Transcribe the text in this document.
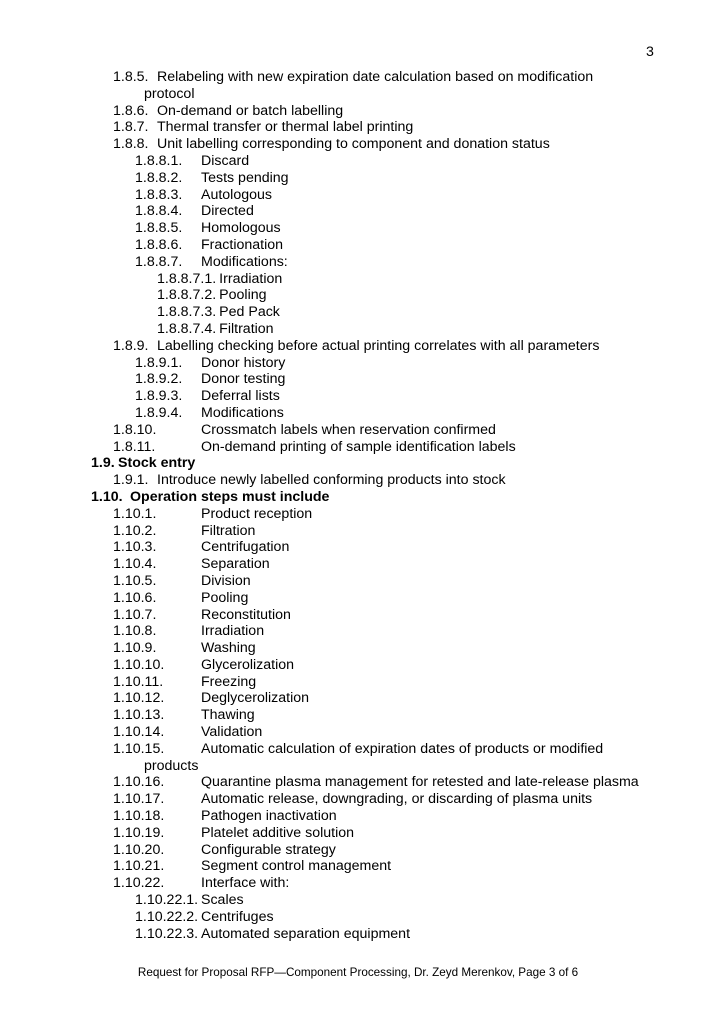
3
1.8.5. Relabeling with new expiration date calculation based on modification
protocol
1.8.6. On-demand or batch labelling
1.8.7. Thermal transfer or thermal label printing
1.8.8. Unit labelling corresponding to component and donation status
1.8.8.1. Discard
1.8.8.2. Tests pending
1.8.8.3. Autologous
1.8.8.4. Directed
1.8.8.5. Homologous
1.8.8.6. Fractionation
1.8.8.7. Modifications:
1.8.8.7.1. Irradiation
1.8.8.7.2. Pooling
1.8.8.7.3. Ped Pack
1.8.8.7.4. Filtration
1.8.9. Labelling checking before actual printing correlates with all parameters
1.8.9.1. Donor history
1.8.9.2. Donor testing
1.8.9.3. Deferral lists
1.8.9.4. Modifications
1.8.10.	Crossmatch labels when reservation confirmed
1.8.11.	On-demand printing of sample identification labels
1.9. Stock entry
1.9.1. Introduce newly labelled conforming products into stock
1.10. Operation steps must include
1.10.1.	Product reception
1.10.2.	Filtration
1.10.3.	Centrifugation
1.10.4.	Separation
1.10.5.	Division
1.10.6.	Pooling
1.10.7.	Reconstitution
1.10.8.	Irradiation
1.10.9.	Washing
1.10.10.	Glycerolization
1.10.11.	Freezing
1.10.12.	Deglycerolization
1.10.13.	Thawing
1.10.14.	Validation
1.10.15.	Automatic calculation of expiration dates of products or modified
products
1.10.16.	Quarantine plasma management for retested and late-release plasma
1.10.17.	Automatic release, downgrading, or discarding of plasma units
1.10.18.	Pathogen inactivation
1.10.19.	Platelet additive solution
1.10.20.	Configurable strategy
1.10.21.	Segment control management
1.10.22.	Interface with:
1.10.22.1. Scales
1.10.22.2. Centrifuges
1.10.22.3. Automated separation equipment
Request for Proposal RFP—Component Processing, Dr. Zeyd Merenkov, Page 3 of 6
